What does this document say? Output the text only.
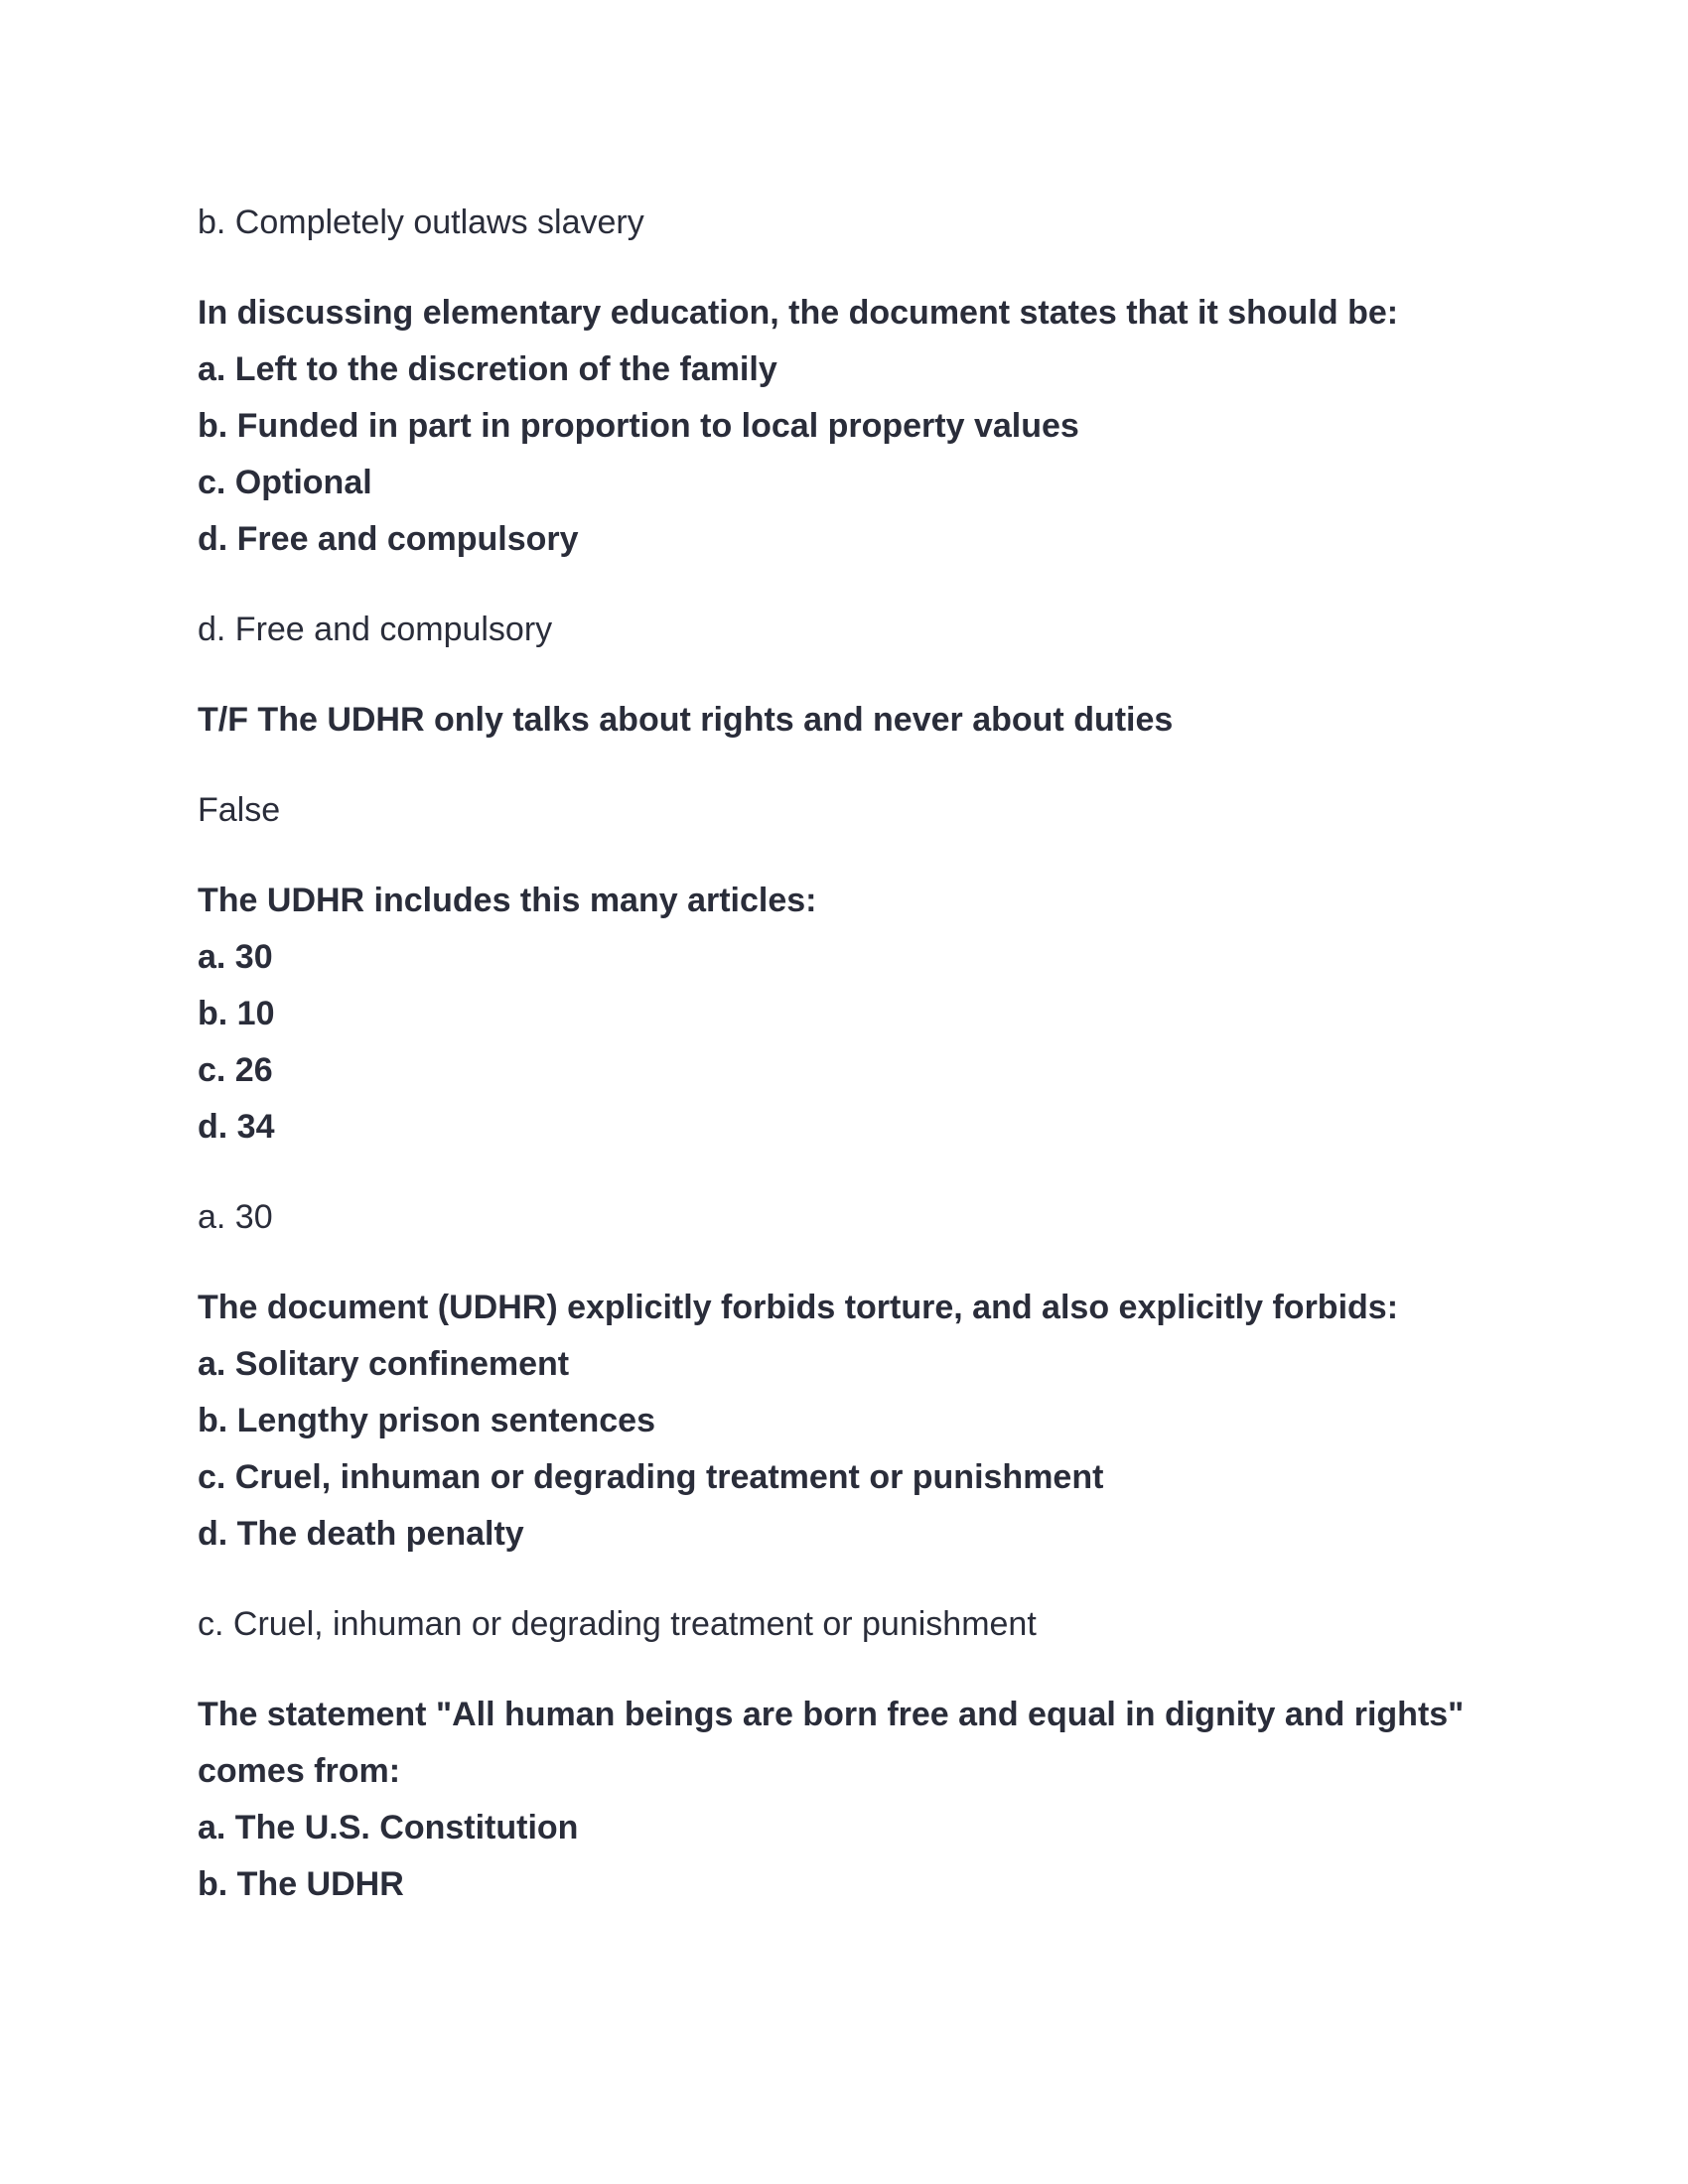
b. Completely outlaws slavery
In discussing elementary education, the document states that it should be:
a. Left to the discretion of the family
b. Funded in part in proportion to local property values
c. Optional
d. Free and compulsory
d. Free and compulsory
T/F The UDHR only talks about rights and never about duties
False
The UDHR includes this many articles:
a. 30
b. 10
c. 26
d. 34
a. 30
The document (UDHR) explicitly forbids torture, and also explicitly forbids:
a. Solitary confinement
b. Lengthy prison sentences
c. Cruel, inhuman or degrading treatment or punishment
d. The death penalty
c. Cruel, inhuman or degrading treatment or punishment
The statement "All human beings are born free and equal in dignity and rights"
comes from:
a. The U.S. Constitution
b. The UDHR
